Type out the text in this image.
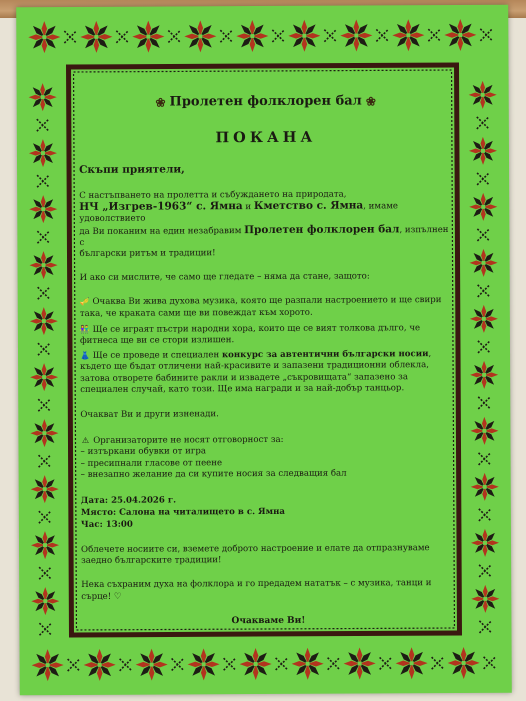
❀ Пролетен фолклорен бал ❀
ПОКАНА
Скъпи приятели,

С настъпването на пролетта и събуждането на природата,

НЧ „Изгрев-1963“ с. Ямна и Кметство с. Ямна, имаме удоволствието

да Ви поканим на един незабравим Пролетен фолклорен бал, изпълнен с

български ритъм и традиции!

И ако си мислите, че само ще гледате – няма да стане, защото:

🎺 Очаква Ви жива духова музика, която ще разпали настроението и ще свири така, че краката сами ще ви повеждат към хорото.

👫 Ще се играят пъстри народни хора, които ще се вият толкова дълго, че фитнеса ще ви се стори излишен.

👗 Ще се проведе и специален конкурс за автентични български носии, където ще бъдат отличени най-красивите и запазени традиционни облекла, затова отворете бабините ракли и извадете „съкровищата“ запазено за специален случай, като този. Ще има награди и за най-добър танцьор.

Очакват Ви и други изненади.

⚠ Организаторите не носят отговорност за:

– изтъркани обувки от игра

– пресипнали гласове от пеене

– внезапно желание да си купите носия за следващия бал

Дата: 25.04.2026 г.
Място: Салона на читалището в с. Ямна
Час: 13:00

Облечете носиите си, вземете доброто настроение и елате да отпразнуваме заедно българските традиции!

Нека съхраним духа на фолклора и го предадем нататък – с музика, танци и сърце! ♡

Очакваме Ви!
